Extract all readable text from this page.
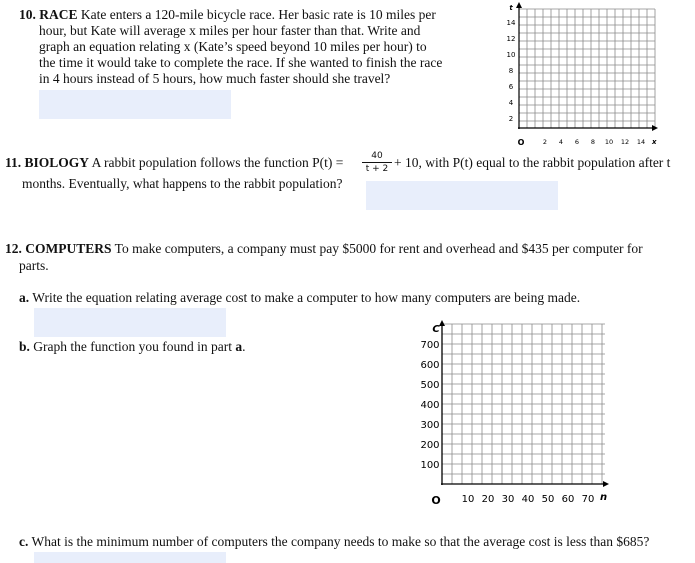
10. RACE Kate enters a 120-mile bicycle race. Her basic rate is 10 miles per
hour, but Kate will average x miles per hour faster than that. Write and
graph an equation relating x (Kate’s speed beyond 10 miles per hour) to
the time it would take to complete the race. If she wanted to finish the race
in 4 hours instead of 5 hours, how much faster should she travel?
t
14
12
10
8
6
4
2
O	2 4 6 8 10 12 14 x
11. BIOLOGY A rabbit population follows the function P(t) =	40
t + 2 + 10, with P(t) equal to the rabbit population after t
months. Eventually, what happens to the rabbit population?
12. COMPUTERS To make computers, a company must pay $5000 for rent and overhead and $435 per computer for
parts.
a. Write the equation relating average cost to make a computer to how many computers are being made.
b. Graph the function you found in part a.
C
700
600
500
400
300
200
100
O 10 20 30 40 50 60 70 n
c. What is the minimum number of computers the company needs to make so that the average cost is less than $685?
